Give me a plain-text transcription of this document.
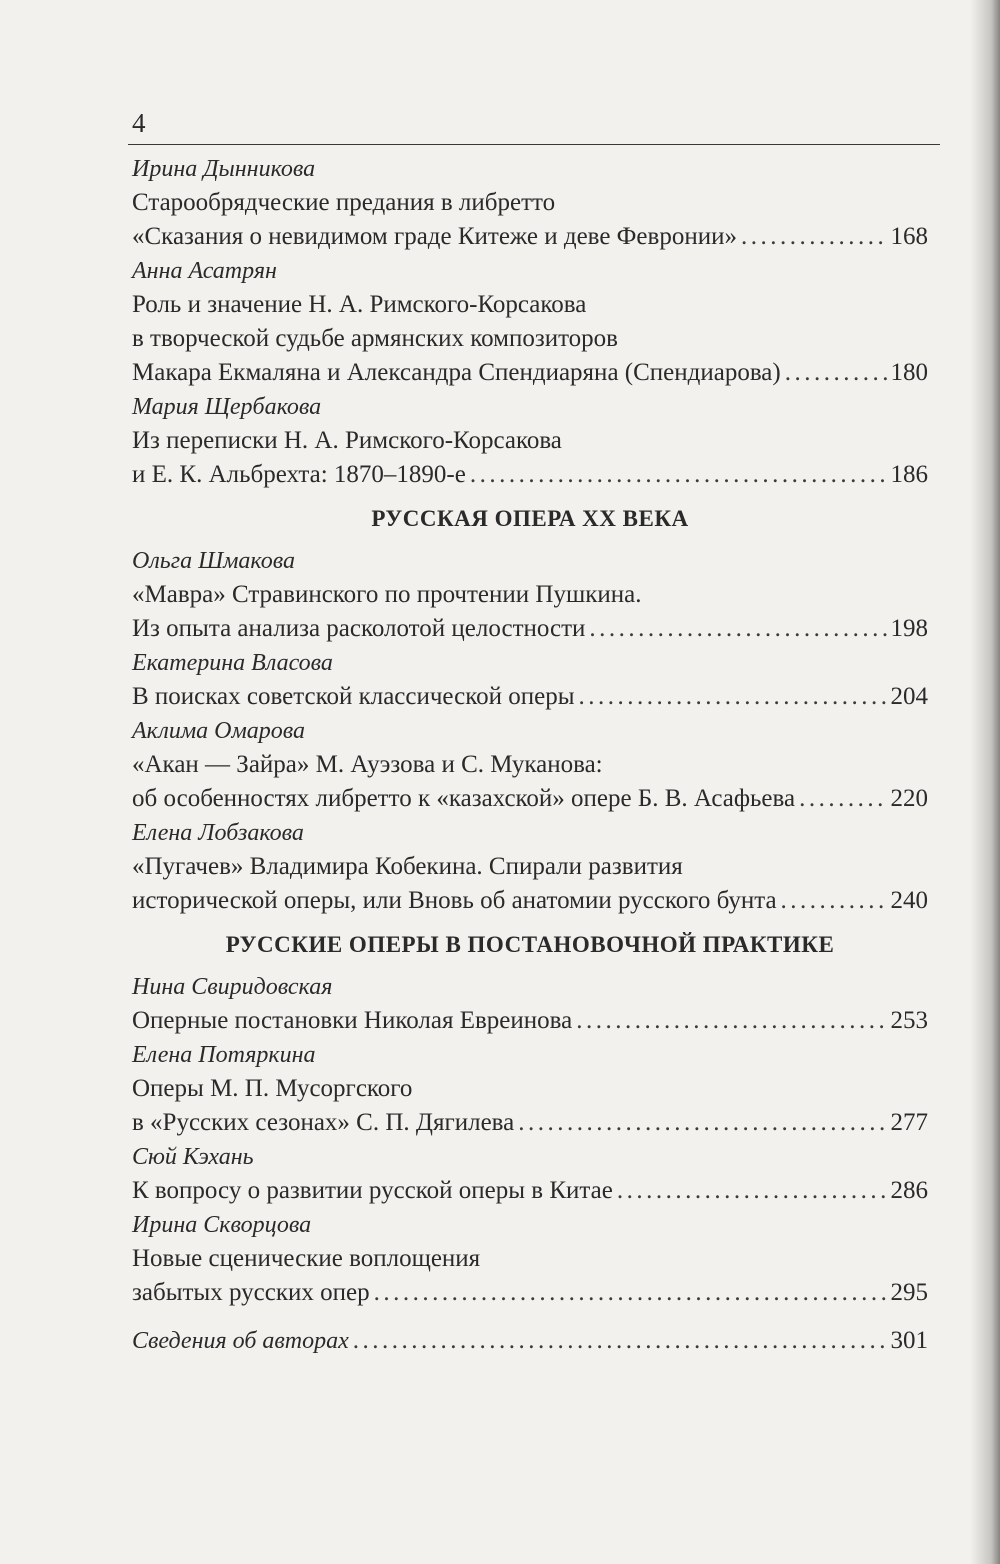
4
Ирина Дынникова
Старообрядческие предания в либретто
«Сказания о невидимом граде Китеже и деве Февронии» .....	168
Анна Асатрян
Роль и значение Н. А. Римского-Корсакова
в творческой судьбе армянских композиторов
Макара Екмаляна и Александра Спендиаряна (Спендиарова) .....	180
Мария Щербакова
Из переписки Н. А. Римского-Корсакова
и Е. К. Альбрехта: 1870–1890-е .....	186
РУССКАЯ ОПЕРА XX ВЕКА
Ольга Шмакова
«Мавра» Стравинского по прочтении Пушкина.
Из опыта анализа расколотой целостности .....	198
Екатерина Власова
В поисках советской классической оперы .....	204
Аклима Омарова
«Акан — Зайра» М. Ауэзова и С. Муканова:
об особенностях либретто к «казахской» опере Б. В. Асафьева .....	220
Елена Лобзакова
«Пугачев» Владимира Кобекина. Спирали развития
исторической оперы, или Вновь об анатомии русского бунта .....	240
РУССКИЕ ОПЕРЫ В ПОСТАНОВОЧНОЙ ПРАКТИКЕ
Нина Свиридовская
Оперные постановки Николая Евреинова .....	253
Елена Потяркина
Оперы М. П. Мусоргского
в «Русских сезонах» С. П. Дягилева .....	277
Сюй Кэхань
К вопросу о развитии русской оперы в Китае .....	286
Ирина Скворцова
Новые сценические воплощения
забытых русских опер .....	295
Сведения об авторах .....	301
